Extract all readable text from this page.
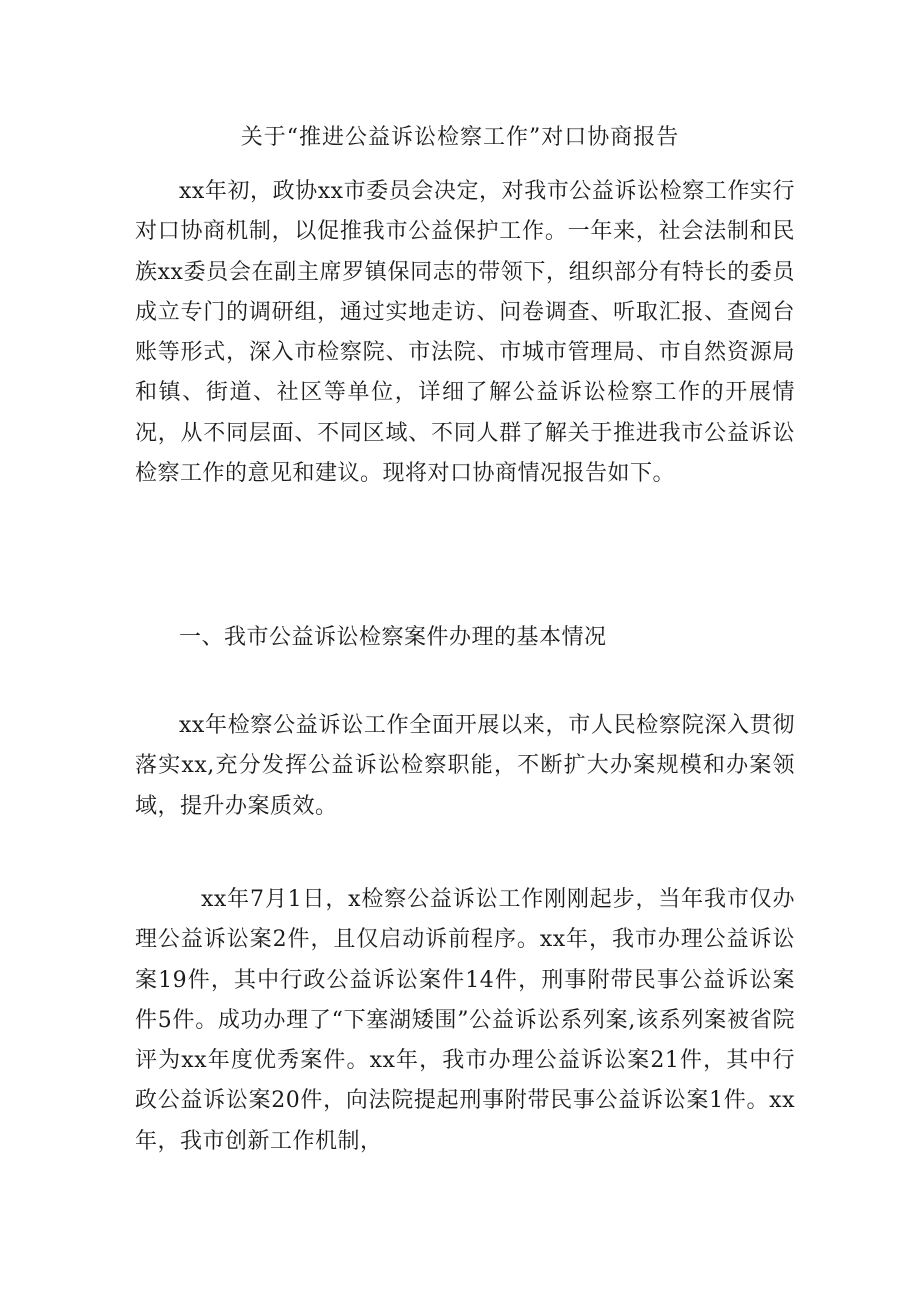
关于“推进公益诉讼检察工作”对口协商报告

xx年初，政协xx市委员会决定，对我市公益诉讼检察工作实行对口协商机制，以促推我市公益保护工作。一年来，社会法制和民族xx委员会在副主席罗镇保同志的带领下，组织部分有特长的委员成立专门的调研组，通过实地走访、问卷调查、听取汇报、查阅台账等形式，深入市检察院、市法院、市城市管理局、市自然资源局和镇、街道、社区等单位，详细了解公益诉讼检察工作的开展情况，从不同层面、不同区域、不同人群了解关于推进我市公益诉讼检察工作的意见和建议。现将对口协商情况报告如下。

一、我市公益诉讼检察案件办理的基本情况

xx年检察公益诉讼工作全面开展以来，市人民检察院深入贯彻落实xx,充分发挥公益诉讼检察职能，不断扩大办案规模和办案领域，提升办案质效。

xx年7月1日，x检察公益诉讼工作刚刚起步，当年我市仅办理公益诉讼案2件，且仅启动诉前程序。xx年，我市办理公益诉讼案19件，其中行政公益诉讼案件14件，刑事附带民事公益诉讼案件5件。成功办理了“下塞湖矮围”公益诉讼系列案,该系列案被省院评为xx年度优秀案件。xx年，我市办理公益诉讼案21件，其中行政公益诉讼案20件，向法院提起刑事附带民事公益诉讼案1件。xx年，我市创新工作机制，
